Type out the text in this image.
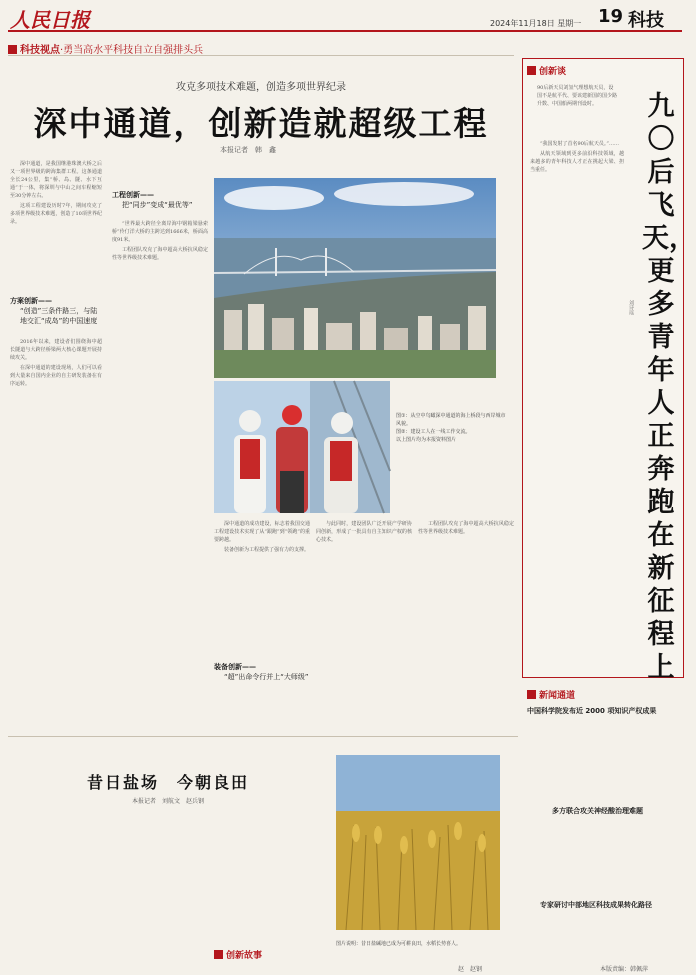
人民日报	2024年11月18日 星期一 19 科技
科技视点·勇当高水平科技自立自强排头兵
攻克多项技术难题，创造多项世界纪录
深中通道，创新造就超级工程
本报记者　韩　鑫

深中通道，是我国继港珠澳大桥之后又一项世界级的跨海集群工程。这条通道全长24公里，集“桥、岛、隧、水下互通”于一体，将深圳与中山之间车程缩短至30分钟左右。

这项工程建设历时7年，期间攻克了多项世界级技术难题，创造了10项世界纪录。

方案创新——
“创造”三条件路三，与陆地交汇“成岛”的中国速度

2016年以来，建设者们围绕海中超长隧道与大跨径桥梁两大核心课题开展持续攻关。

在深中通道的建设现场，人们可以看到大量来自国内企业的自主研发装备在有序运转。

工程创新——
把“同步”变成“最优等”

“世界最大跨径全离岸海中钢箱梁悬索桥”伶仃洋大桥的主跨达到1666米，桥面高度91米。

工程团队攻克了海中超高大桥抗风稳定性等世界级技术难题。

图①：从空中鸟瞰深中通道的海上桥段与西岸城市风貌。
图②：建设工人在一线工作交流。
以上图片均为本报资料图片

深中通道的成功建设，标志着我国交通工程建设技术实现了从“跟跑”到“领跑”的重要跨越。

装备创新为工程提供了强有力的支撑。

装备创新——
“超”出命令行并上“大师级”

与此同时，建设团队广泛开展产学研协同创新，形成了一批具有自主知识产权的核心技术。

工程团队攻克了海中超高大桥抗风稳定性等世界级技术难题。

创新谈
90后新天员刘氢气理想航天员，设国不是航平代、要该建新国的国少路升数、中国船两期刊设时。	九〇后飞天，更多青年人正奔跑在新征程上
刘诗瑶

“我国发射了首名90后航天员。”……

从航天领域到更多前沿科技领域，越来越多的青年科技人才正在挑起大梁、担当重任。

新闻通道
中国科学院发布近 2000 项知识产权成果
多方联合攻关神经酸治理难题
专家研讨中部地区科技成果转化路径
昔日盐场　今朝良田
本报记者　刘航文　赵兵钢
图片说明：昔日盐碱地已成为可耕良田，水稻长势喜人。
创新故事
赵　赵钢	本版责编：韩佩萍
